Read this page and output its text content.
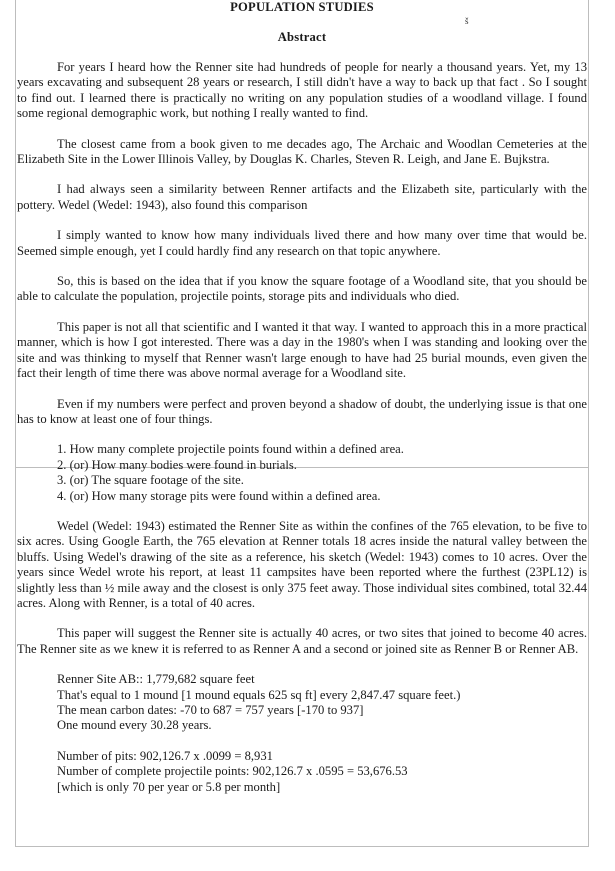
š
POPULATION STUDIES
Abstract

For years I heard how the Renner site had hundreds of people for nearly a thousand years. Yet, my 13 years excavating and subsequent 28 years or research, I still didn't have a way to back up that fact . So I sought to find out. I learned there is practically no writing on any population studies of a woodland village. I found some regional demographic work, but nothing I really wanted to find.

The closest came from a book given to me decades ago, The Archaic and Woodlan Cemeteries at the Elizabeth Site in the Lower Illinois Valley, by Douglas K. Charles, Steven R. Leigh, and Jane E. Bujkstra.

I had always seen a similarity between Renner artifacts and the Elizabeth site, particularly with the pottery. Wedel (Wedel: 1943), also found this comparison

I simply wanted to know how many individuals lived there and how many over time that would be. Seemed simple enough, yet I could hardly find any research on that topic anywhere.

So, this is based on the idea that if you know the square footage of a Woodland site, that you should be able to calculate the population, projectile points, storage pits and individuals who died.

This paper is not all that scientific and I wanted it that way. I wanted to approach this in a more practical manner, which is how I got interested. There was a day in the 1980's when I was standing and looking over the site and was thinking to myself that Renner wasn't large enough to have had 25 burial mounds, even given the fact their length of time there was above normal average for a Woodland site.

Even if my numbers were perfect and proven beyond a shadow of doubt, the underlying issue is that one has to know at least one of four things.

1. How many complete projectile points found within a defined area.
2. (or) How many bodies were found in burials.
3. (or) The square footage of the site.
4. (or) How many storage pits were found within a defined area.

Wedel (Wedel: 1943) estimated the Renner Site as within the confines of the 765 elevation, to be five to six acres. Using Google Earth, the 765 elevation at Renner totals 18 acres inside the natural valley between the bluffs. Using Wedel's drawing of the site as a reference, his sketch (Wedel: 1943) comes to 10 acres. Over the years since Wedel wrote his report, at least 11 campsites have been reported where the furthest (23PL12) is slightly less than ½ mile away and the closest is only 375 feet away. Those individual sites combined, total 32.44 acres. Along with Renner, is a total of 40 acres.

This paper will suggest the Renner site is actually 40 acres, or two sites that joined to become 40 acres. The Renner site as we knew it is referred to as Renner A and a second or joined site as Renner B or Renner AB.

Renner Site AB:: 1,779,682 square feet
That's equal to 1 mound [1 mound equals 625 sq ft] every 2,847.47 square feet.)
The mean carbon dates: -70 to 687 = 757 years [-170 to 937]
One mound every 30.28 years.
Number of pits: 902,126.7 x .0099 = 8,931
Number of complete projectile points: 902,126.7 x .0595 = 53,676.53
[which is only 70 per year or 5.8 per month]
